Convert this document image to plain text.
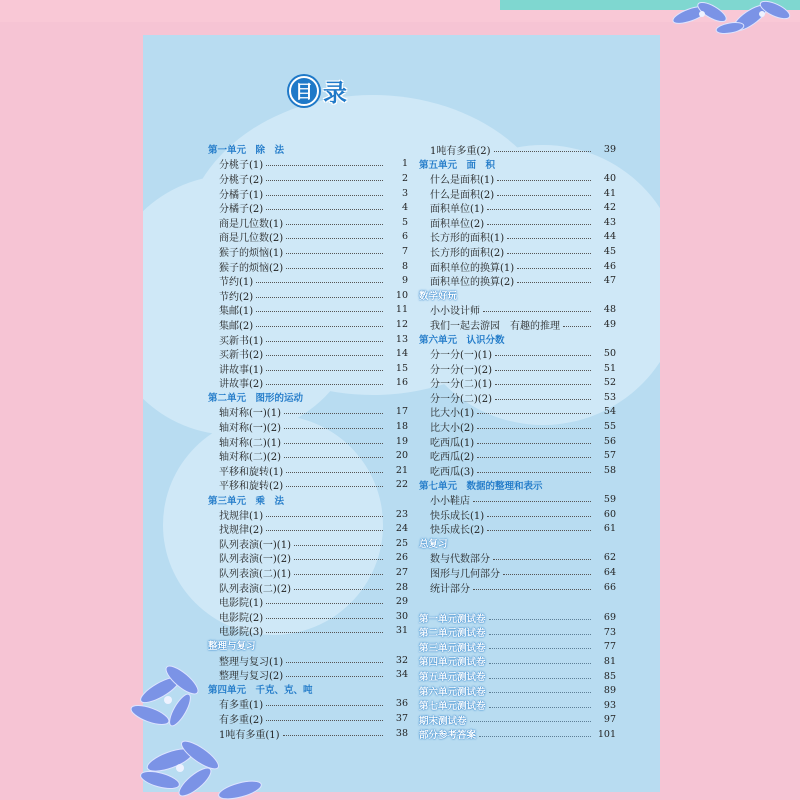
目 录
第一单元　除　法
分桃子(1)	1
分桃子(2)	2
分橘子(1)	3
分橘子(2)	4
商是几位数(1)	5
商是几位数(2)	6
猴子的烦恼(1)	7
猴子的烦恼(2)	8
节约(1)	9
节约(2)	10
集邮(1)	11
集邮(2)	12
买新书(1)	13
买新书(2)	14
讲故事(1)	15
讲故事(2)	16
第二单元　图形的运动
轴对称(一)(1)	17
轴对称(一)(2)	18
轴对称(二)(1)	19
轴对称(二)(2)	20
平移和旋转(1)	21
平移和旋转(2)	22
第三单元　乘　法
找规律(1)	23
找规律(2)	24
队列表演(一)(1)	25
队列表演(一)(2)	26
队列表演(二)(1)	27
队列表演(二)(2)	28
电影院(1)	29
电影院(2)	30
电影院(3)	31
整理与复习
整理与复习(1)	32
整理与复习(2)	34
第四单元　千克、克、吨
有多重(1)	36
有多重(2)	37
1吨有多重(1)	38
1吨有多重(2)	39
第五单元　面　积
什么是面积(1)	40
什么是面积(2)	41
面积单位(1)	42
面积单位(2)	43
长方形的面积(1)	44
长方形的面积(2)	45
面积单位的换算(1)	46
面积单位的换算(2)	47
数学好玩
小小设计师	48
我们一起去游园　有趣的推理	49
第六单元　认识分数
分一分(一)(1)	50
分一分(一)(2)	51
分一分(二)(1)	52
分一分(二)(2)	53
比大小(1)	54
比大小(2)	55
吃西瓜(1)	56
吃西瓜(2)	57
吃西瓜(3)	58
第七单元　数据的整理和表示
小小鞋店	59
快乐成长(1)	60
快乐成长(2)	61
总复习
数与代数部分	62
图形与几何部分	64
统计部分	66
第一单元测试卷	69
第二单元测试卷	73
第三单元测试卷	77
第四单元测试卷	81
第五单元测试卷	85
第六单元测试卷	89
第七单元测试卷	93
期末测试卷	97
部分参考答案	101
